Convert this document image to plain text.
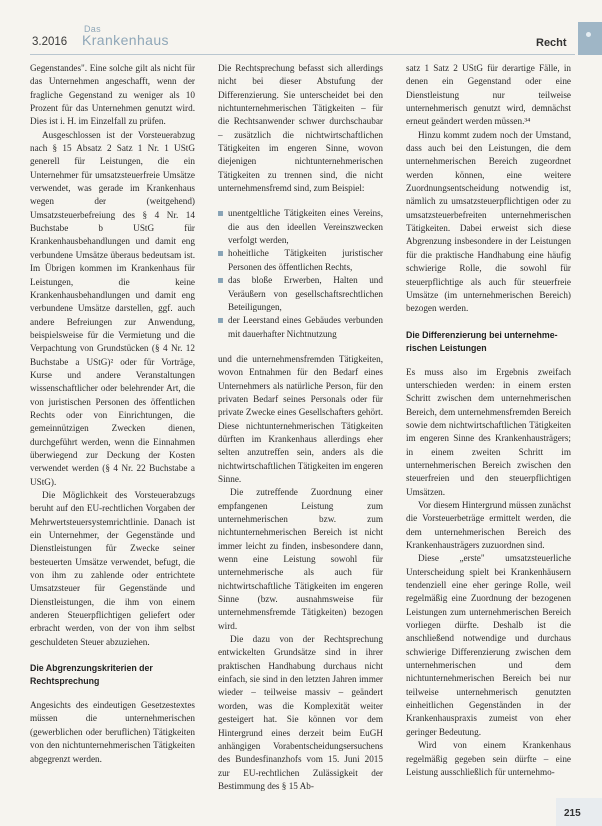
3.2016
Das
Krankenhaus	Recht

Gegenstandes". Eine solche gilt als nicht für das Unternehmen angeschafft, wenn der fragliche Gegenstand zu weniger als 10 Prozent für das Unternehmen genutzt wird. Dies ist i. H. im Einzelfall zu prüfen.

Ausgeschlossen ist der Vorsteuerabzug nach § 15 Absatz 2 Satz 1 Nr. 1 UStG generell für Leistungen, die ein Unternehmer für umsatzsteuerfreie Umsätze verwendet, was gerade im Krankenhaus wegen der (weitgehend) Umsatzsteuerbefreiung des § 4 Nr. 14 Buchstabe b UStG für Krankenhausbehandlungen und damit eng verbundene Umsätze überaus bedeutsam ist. Im Übrigen kommen im Krankenhaus für Leistungen, die keine Krankenhausbehandlungen und damit eng verbundene Umsätze darstellen, ggf. auch andere Befreiungen zur Anwendung, beispielsweise für die Vermietung und die Verpachtung von Grundstücken (§ 4 Nr. 12 Buchstabe a UStG)² oder für Vorträge, Kurse und andere Veranstaltungen wissenschaftlicher oder belehrender Art, die von juristischen Personen des öffentlichen Rechts oder von Einrichtungen, die gemeinnützigen Zwecken dienen, durchgeführt werden, wenn die Einnahmen überwiegend zur Deckung der Kosten verwendet werden (§ 4 Nr. 22 Buchstabe a UStG).

Die Möglichkeit des Vorsteuerabzugs beruht auf den EU-rechtlichen Vorgaben der Mehrwertsteuersystemrichtlinie. Danach ist ein Unternehmer, der Gegenstände und Dienstleistungen für Zwecke seiner besteuerten Umsätze verwendet, befugt, die von ihm zu zahlende oder entrichtete Umsatzsteuer für Gegenstände und Dienstleistungen, die ihm von einem anderen Steuerpflichtigen geliefert oder erbracht werden, von der von ihm selbst geschuldeten Steuer abzuziehen.

Die Abgrenzungskriterien der
Rechtsprechung

Angesichts des eindeutigen Gesetzestextes müssen die unternehmerischen (gewerblichen oder beruflichen) Tätigkeiten von den nichtunternehmerischen Tätigkeiten abgegrenzt werden.

Die Rechtsprechung befasst sich allerdings nicht bei dieser Abstufung der Differenzierung. Sie unterscheidet bei den nichtunternehmerischen Tätigkeiten – für die Rechtsanwender schwer durchschaubar – zusätzlich die nichtwirtschaftlichen Tätigkeiten im engeren Sinne, wovon diejenigen nichtunternehmerischen Tätigkeiten zu trennen sind, die nicht unternehmensfremd sind, zum Beispiel:

unentgeltliche Tätigkeiten eines Vereins, die aus den ideellen Vereinszwecken verfolgt werden,
hoheitliche Tätigkeiten juristischer Personen des öffentlichen Rechts,
das bloße Erwerben, Halten und Veräußern von gesellschaftsrechtlichen Beteiligungen,
der Leerstand eines Gebäudes verbunden mit dauerhafter Nichtnutzung

und die unternehmensfremden Tätigkeiten, wovon Entnahmen für den Bedarf eines Unternehmers als natürliche Person, für den privaten Bedarf seines Personals oder für private Zwecke eines Gesellschafters gehört. Diese nichtunternehmerischen Tätigkeiten dürften im Krankenhaus allerdings eher selten anzutreffen sein, anders als die nichtwirtschaftlichen Tätigkeiten im engeren Sinne.

Die zutreffende Zuordnung einer empfangenen Leistung zum unternehmerischen bzw. zum nichtunternehmerischen Bereich ist nicht immer leicht zu finden, insbesondere dann, wenn eine Leistung sowohl für unternehmerische als auch für nichtwirtschaftliche Tätigkeiten im engeren Sinne (bzw. ausnahmsweise für unternehmensfremde Tätigkeiten) bezogen wird.

Die dazu von der Rechtsprechung entwickelten Grundsätze sind in ihrer praktischen Handhabung durchaus nicht einfach, sie sind in den letzten Jahren immer wieder – teilweise massiv – geändert worden, was die Komplexität weiter gesteigert hat. Sie können vor dem Hintergrund eines derzeit beim EuGH anhängigen Vorabentscheidungsersuchens des Bundesfinanzhofs vom 15. Juni 2015 zur EU-rechtlichen Zulässigkeit der Bestimmung des § 15 Ab-

satz 1 Satz 2 UStG für derartige Fälle, in denen ein Gegenstand oder eine Dienstleistung nur teilweise unternehmerisch genutzt wird, demnächst erneut geändert werden müssen.³⁴

Hinzu kommt zudem noch der Umstand, dass auch bei den Leistungen, die dem unternehmerischen Bereich zugeordnet werden können, eine weitere Zuordnungsentscheidung notwendig ist, nämlich zu umsatzsteuerpflichtigen oder zu umsatzsteuerbefreiten unternehmerischen Tätigkeiten. Dabei erweist sich diese Abgrenzung insbesondere in der Leistungen für die praktische Handhabung eine häufig schwierige Rolle, die sowohl für steuerpflichtige als auch für steuerfreie Umsätze (im unternehmerischen Bereich) bezogen werden.

Die Differenzierung bei unternehme-
rischen Leistungen

Es muss also im Ergebnis zweifach unterschieden werden: in einem ersten Schritt zwischen dem unternehmerischen Bereich, dem unternehmensfremden Bereich sowie dem nichtwirtschaftlichen Tätigkeiten im engeren Sinne des Krankenhausträgers; in einem zweiten Schritt im unternehmerischen Bereich zwischen den steuerfreien und den steuerpflichtigen Umsätzen.

Vor diesem Hintergrund müssen zunächst die Vorsteuerbeträge ermittelt werden, die dem unternehmerischen Bereich des Krankenhausträgers zuzuordnen sind.

Diese „erste" umsatzsteuerliche Unterscheidung spielt bei Krankenhäusern tendenziell eine eher geringe Rolle, weil regelmäßig eine Zuordnung der bezogenen Leistungen zum unternehmerischen Bereich vorliegen dürfte. Deshalb ist die anschließend notwendige und durchaus schwierige Differenzierung zwischen dem unternehmerischen und dem nichtunternehmerischen Bereich bei nur teilweise unternehmerisch genutzten einheitlichen Gegenständen in der Krankenhauspraxis zumeist von eher geringer Bedeutung.

Wird von einem Krankenhaus regelmäßig gegeben sein dürfte – eine Leistung ausschließlich für unternehmo-

215
